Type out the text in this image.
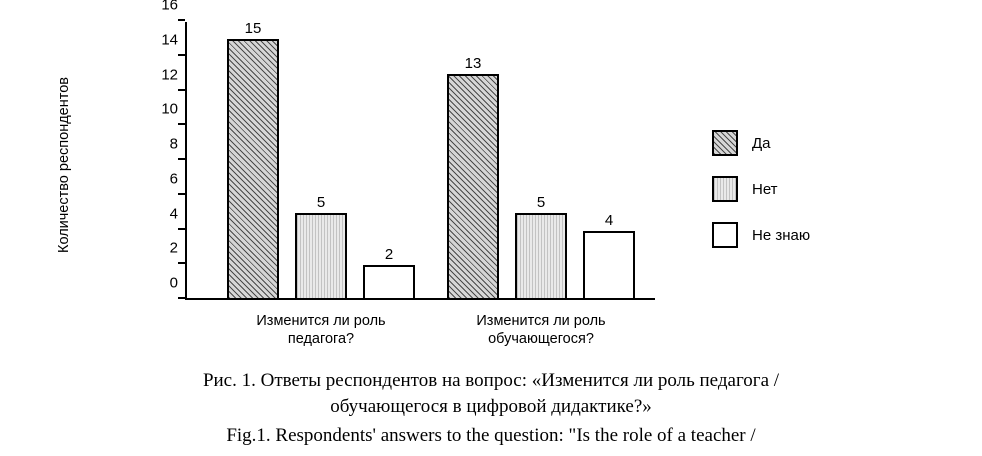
Количество респондентов
0
2
4
6
8
10
12
14
16
15
5
2
13
5
4
Изменится ли роль
педагога?
Изменится ли роль
обучающегося?
Да
Нет
Не знаю
Рис. 1. Ответы респондентов на вопрос: «Изменится ли роль педагога /
обучающегося в цифровой дидактике?»
Fig.1. Respondents' answers to the question: "Is the role of a teacher /
